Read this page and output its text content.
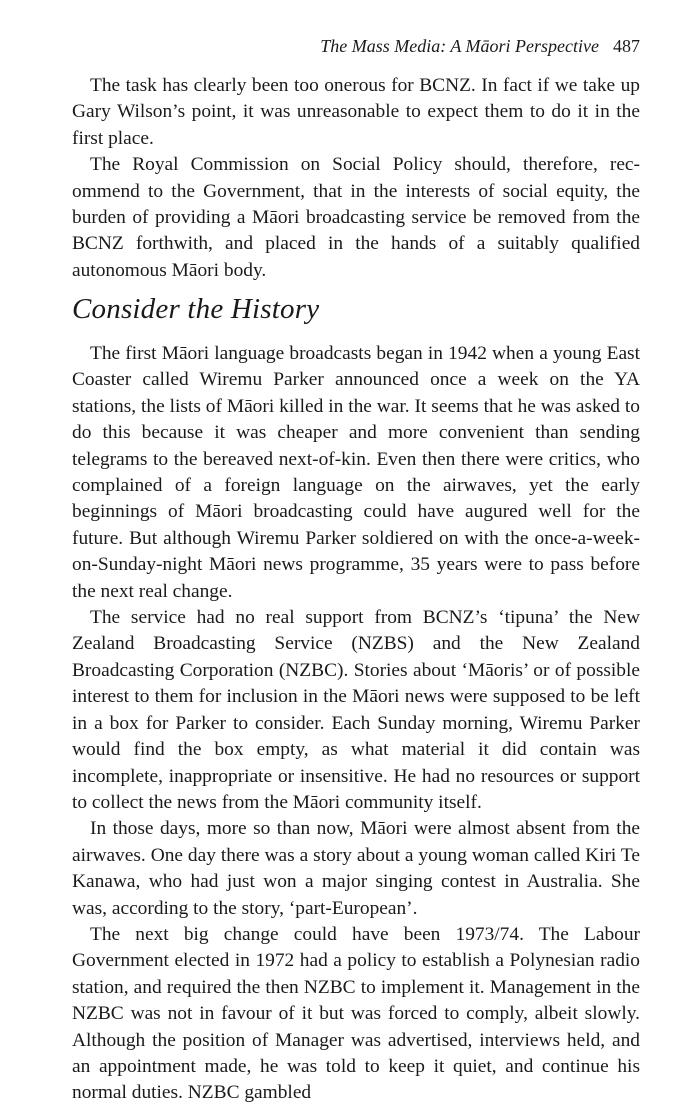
The Mass Media: A Māori Perspective 487

The task has clearly been too onerous for BCNZ. In fact if we take up Gary Wilson’s point, it was unreasonable to expect them to do it in the first place.

The Royal Commission on Social Policy should, therefore, recommend to the Government, that in the interests of social equity, the burden of providing a Māori broadcasting service be removed from the BCNZ forthwith, and placed in the hands of a suitably qualified autonomous Māori body.

Consider the History

The first Māori language broadcasts began in 1942 when a young East Coaster called Wiremu Parker announced once a week on the YA stations, the lists of Māori killed in the war. It seems that he was asked to do this because it was cheaper and more convenient than sending telegrams to the bereaved next-of-kin. Even then there were critics, who complained of a foreign language on the airwaves, yet the early beginnings of Māori broadcasting could have augured well for the future. But although Wiremu Parker soldiered on with the once-a-week-on-Sunday-night Māori news programme, 35 years were to pass before the next real change.

The service had no real support from BCNZ’s ‘tipuna’ the New Zealand Broadcasting Service (NZBS) and the New Zealand Broadcasting Corporation (NZBC). Stories about ‘Māoris’ or of possible interest to them for inclusion in the Māori news were supposed to be left in a box for Parker to consider. Each Sunday morning, Wiremu Parker would find the box empty, as what material it did contain was incomplete, inappropriate or insensitive. He had no resources or support to collect the news from the Māori community itself.

In those days, more so than now, Māori were almost absent from the airwaves. One day there was a story about a young woman called Kiri Te Kanawa, who had just won a major singing contest in Australia. She was, according to the story, ‘part-European’.

The next big change could have been 1973/74. The Labour Government elected in 1972 had a policy to establish a Polynesian radio station, and required the then NZBC to implement it. Management in the NZBC was not in favour of it but was forced to comply, albeit slowly. Although the position of Manager was advertised, interviews held, and an appointment made, he was told to keep it quiet, and continue his normal duties. NZBC gambled
